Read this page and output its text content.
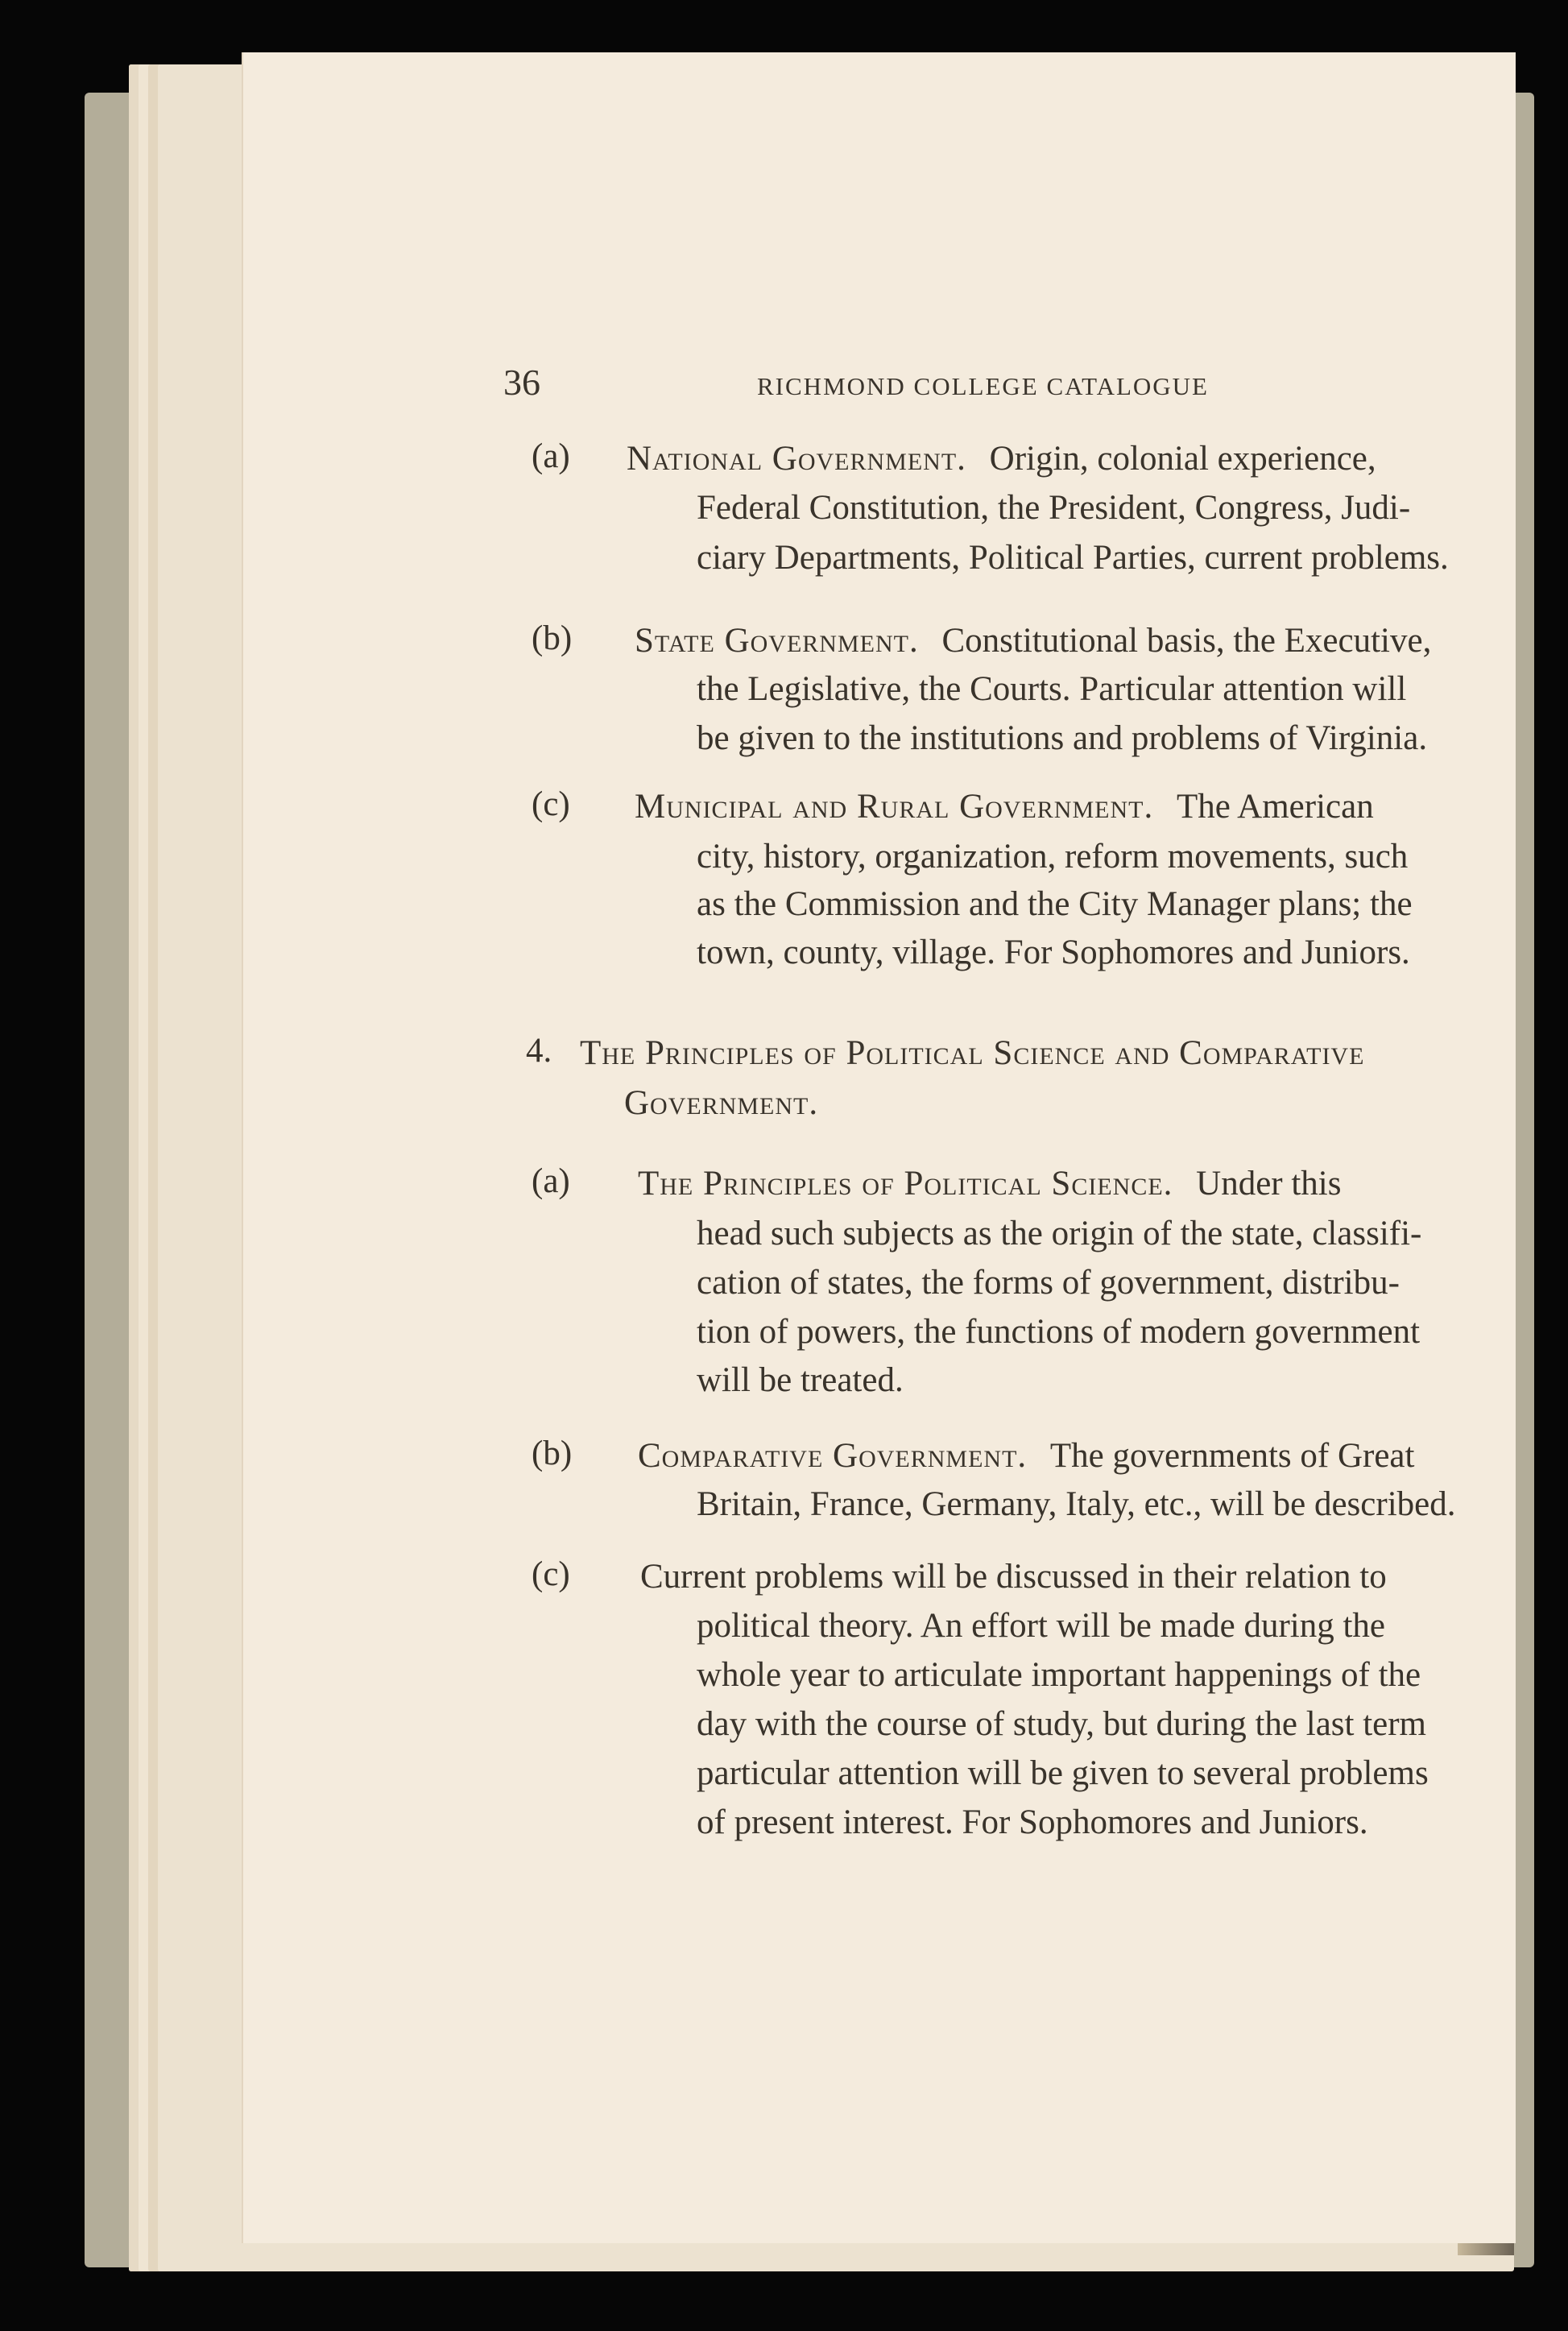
36	RICHMOND COLLEGE CATALOGUE
(a) National Government. Origin, colonial experience,
Federal Constitution, the President, Congress, Judi-
ciary Departments, Political Parties, current problems.
(b) State Government. Constitutional basis, the Executive,
the Legislative, the Courts. Particular attention will
be given to the institutions and problems of Virginia.
(c) Municipal and Rural Government. The American
city, history, organization, reform movements, such
as the Commission and the City Manager plans; the
town, county, village. For Sophomores and Juniors.
4. The Principles of Political Science and Comparative
Government.
(a) The Principles of Political Science. Under this
head such subjects as the origin of the state, classifi-
cation of states, the forms of government, distribu-
tion of powers, the functions of modern government
will be treated.
(b) Comparative Government. The governments of Great
Britain, France, Germany, Italy, etc., will be described.
(c) Current problems will be discussed in their relation to
political theory. An effort will be made during the
whole year to articulate important happenings of the
day with the course of study, but during the last term
particular attention will be given to several problems
of present interest. For Sophomores and Juniors.
